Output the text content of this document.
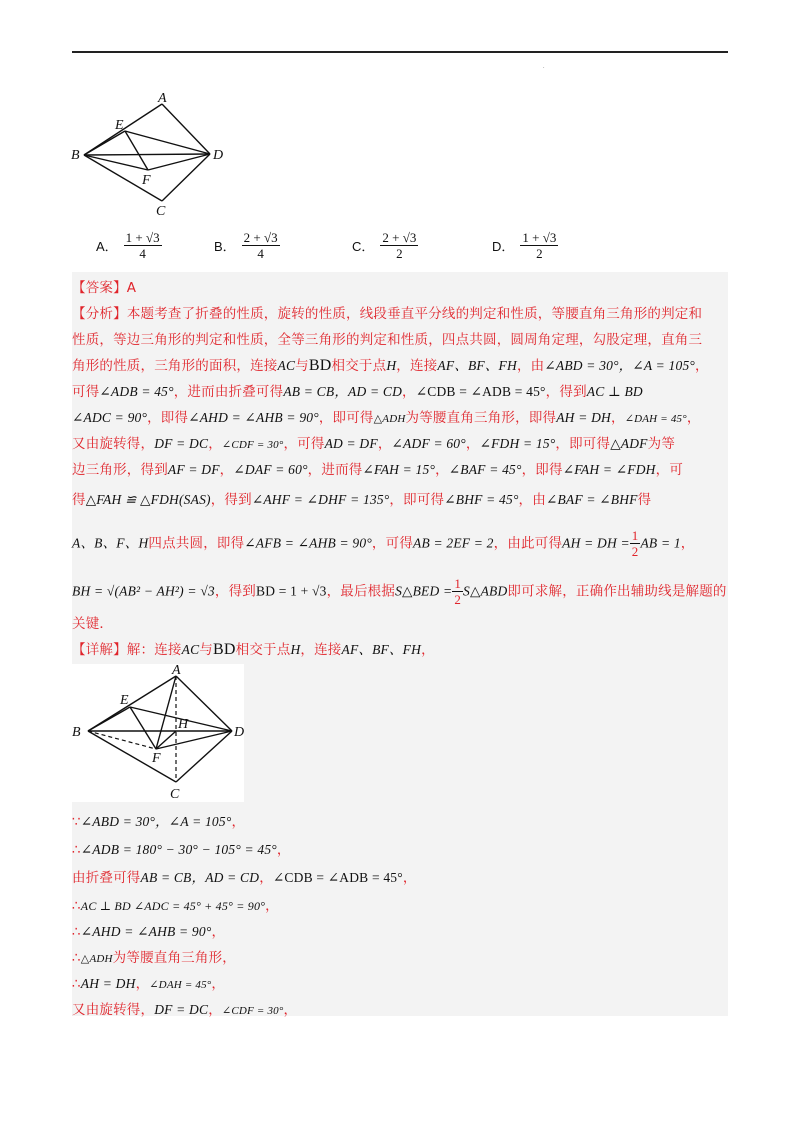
.
A
E
B	D
F
C
A． $\frac{1 + √3}{4}$	B． $\frac{2 + √3}{4}$	C． $\frac{2 + √3}{2}$	D． $\frac{1 + √3}{2}$
【答案】A
【分析】本题考查了折叠的性质，旋转的性质，线段垂直平分线的判定和性质，等腰直角三角形的判定和
性质，等边三角形的判定和性质，全等三角形的判定和性质，四点共圆，圆周角定理，勾股定理，直角三
角形的性质，三角形的面积，连接AC与BD相交于点H，连接AF、BF、FH，由∠ABD = 30°，∠A = 105°，
可得∠ADB = 45°，进而由折叠可得AB = CB，AD = CD，∠CDB = ∠ADB = 45°，得到AC ⊥ BD
∠ADC = 90°，即得∠AHD = ∠AHB = 90°，即可得△ADH为等腰直角三角形，即得AH = DH，∠DAH = 45°，
又由旋转得，DF = DC，∠CDF = 30°，可得AD = DF，∠ADF = 60°，∠FDH = 15°，即可得△ADF为等
边三角形，得到AF = DF，∠DAF = 60°，进而得∠FAH = 15°，∠BAF = 45°，即得∠FAH = ∠FDH，可
得△FAH ≌ △FDH(SAS)，得到∠AHF = ∠DHF = 135°，即可得∠BHF = 45°，由∠BAF = ∠BHF得
A、B、F、H四点共圆，即得∠AFB = ∠AHB = 90°，可得AB = 2EF = 2，由此可得AH = DH = $\frac{1}{2}$ AB = 1，
BH = √(AB² − AH²) = √3，得到BD = 1 + √3，最后根据S△BED = $\frac{1}{2}$ S△ABD即可求解，正确作出辅助线是解题的
关键．
【详解】解：连接AC与BD相交于点H，连接AF、BF、FH，
A
E
H
B	D
F
C
∵∠ABD = 30°，∠A = 105°，
∴∠ADB = 180° − 30° − 105° = 45°，
由折叠可得AB = CB，AD = CD，∠CDB = ∠ADB = 45°，
∴AC ⊥ BD ∠ADC = 45° + 45° = 90°，
∴∠AHD = ∠AHB = 90°，
∴△ADH为等腰直角三角形，
∴AH = DH，∠DAH = 45°，
又由旋转得，DF = DC，∠CDF = 30°，
